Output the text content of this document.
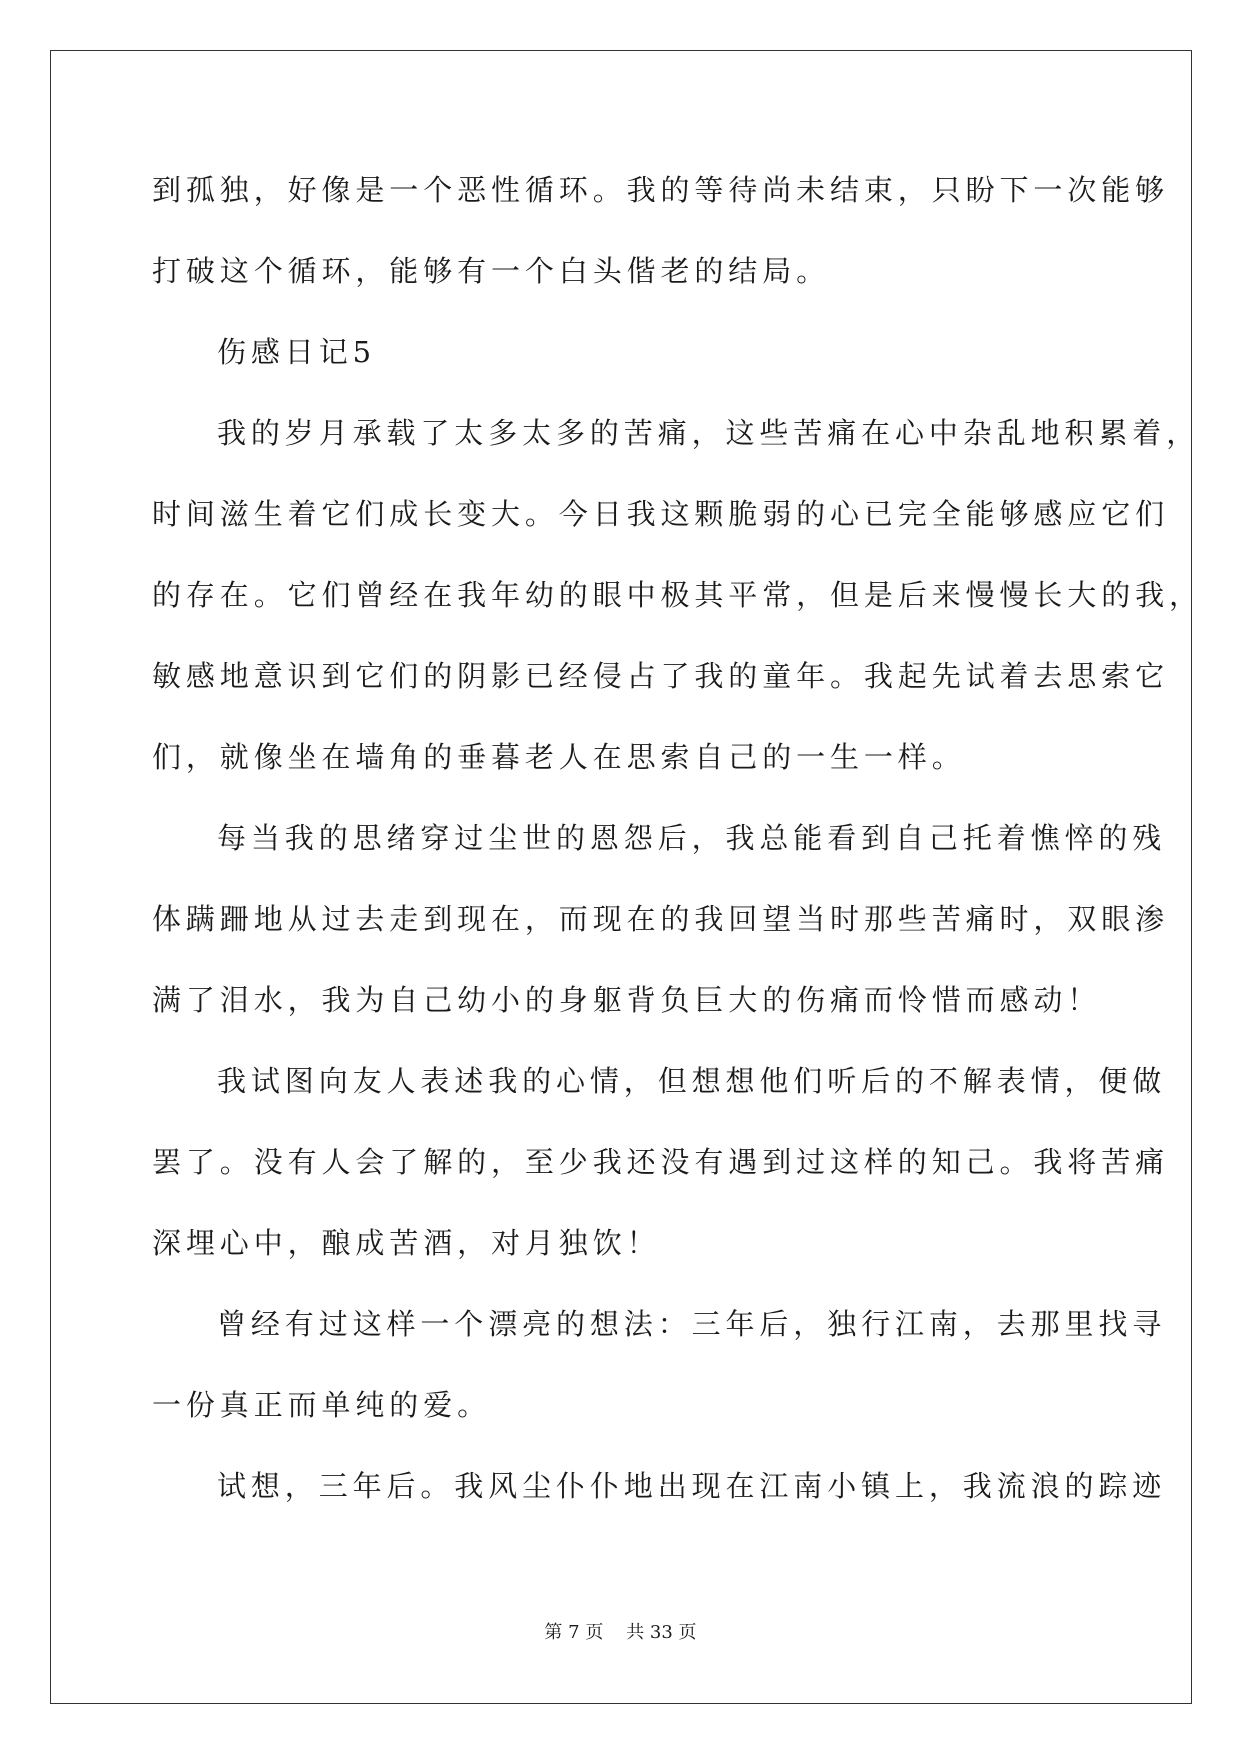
到孤独，好像是一个恶性循环。我的等待尚未结束，只盼下一次能够
打破这个循环，能够有一个白头偕老的结局。
伤感日记5
我的岁月承载了太多太多的苦痛，这些苦痛在心中杂乱地积累着，
时间滋生着它们成长变大。今日我这颗脆弱的心已完全能够感应它们
的存在。它们曾经在我年幼的眼中极其平常，但是后来慢慢长大的我，
敏感地意识到它们的阴影已经侵占了我的童年。我起先试着去思索它
们，就像坐在墙角的垂暮老人在思索自己的一生一样。
每当我的思绪穿过尘世的恩怨后，我总能看到自己托着憔悴的残
体蹒跚地从过去走到现在，而现在的我回望当时那些苦痛时，双眼渗
满了泪水，我为自己幼小的身躯背负巨大的伤痛而怜惜而感动！
我试图向友人表述我的心情，但想想他们听后的不解表情，便做
罢了。没有人会了解的，至少我还没有遇到过这样的知己。我将苦痛
深埋心中，酿成苦酒，对月独饮！
曾经有过这样一个漂亮的想法：三年后，独行江南，去那里找寻
一份真正而单纯的爱。
试想，三年后。我风尘仆仆地出现在江南小镇上，我流浪的踪迹
第 7 页    共 33 页
